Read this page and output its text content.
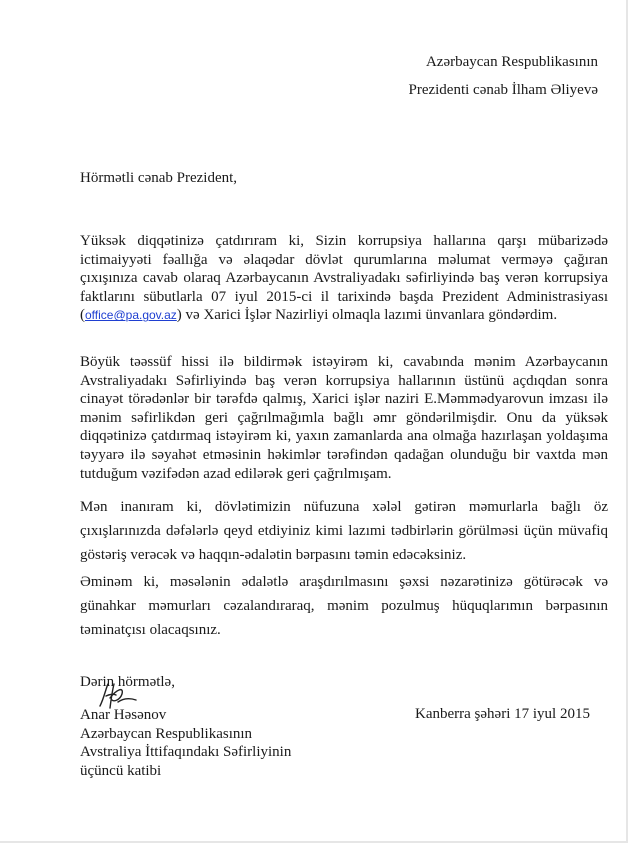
Azərbaycan Respublikasının
Prezidenti cənab İlham Əliyevə
Hörmətli cənab Prezident,

Yüksək diqqətinizə çatdırıram ki, Sizin korrupsiya hallarına qarşı mübarizədə ictimaiyyəti fəallığa və əlaqədar dövlət qurumlarına məlumat verməyə çağıran çıxışınıza cavab olaraq Azərbaycanın Avstraliyadakı səfirliyində baş verən korrupsiya faktlarını sübutlarla 07 iyul 2015-ci il tarixində başda Prezident Administrasiyası (office@pa.gov.az) və Xarici İşlər Nazirliyi olmaqla lazımi ünvanlara göndərdim.

Böyük təəssüf hissi ilə bildirmək istəyirəm ki, cavabında mənim Azərbaycanın Avstraliyadakı Səfirliyində baş verən korrupsiya hallarının üstünü açdıqdan sonra cinayət törədənlər bir tərəfdə qalmış, Xarici işlər naziri E.Məmmədyarovun imzası ilə mənim səfirlikdən geri çağrılmağımla bağlı əmr göndərilmişdir. Onu da yüksək diqqətinizə çatdırmaq istəyirəm ki, yaxın zamanlarda ana olmağa hazırlaşan yoldaşıma təyyarə ilə səyahət etməsinin həkimlər tərəfindən qadağan olunduğu bir vaxtda mən tutduğum vəzifədən azad edilərək geri çağrılmışam.

Mən inanıram ki, dövlətimizin nüfuzuna xələl gətirən məmurlarla bağlı öz çıxışlarınızda dəfələrlə qeyd etdiyiniz kimi lazımi tədbirlərin görülməsi üçün müvafiq göstəriş verəcək və haqqın-ədalətin bərpasını təmin edəcəksiniz.

Əminəm ki, məsələnin ədalətlə araşdırılmasını şəxsi nəzarətinizə götürəcək və günahkar məmurları cəzalandıraraq, mənim pozulmuş hüquqlarımın bərpasının təminatçısı olacaqsınız.

Dərin hörmətlə,
Anar Həsənov
Azərbaycan Respublikasının
Avstraliya İttifaqındakı Səfirliyinin
üçüncü katibi
Kanberra şəhəri 17 iyul 2015
